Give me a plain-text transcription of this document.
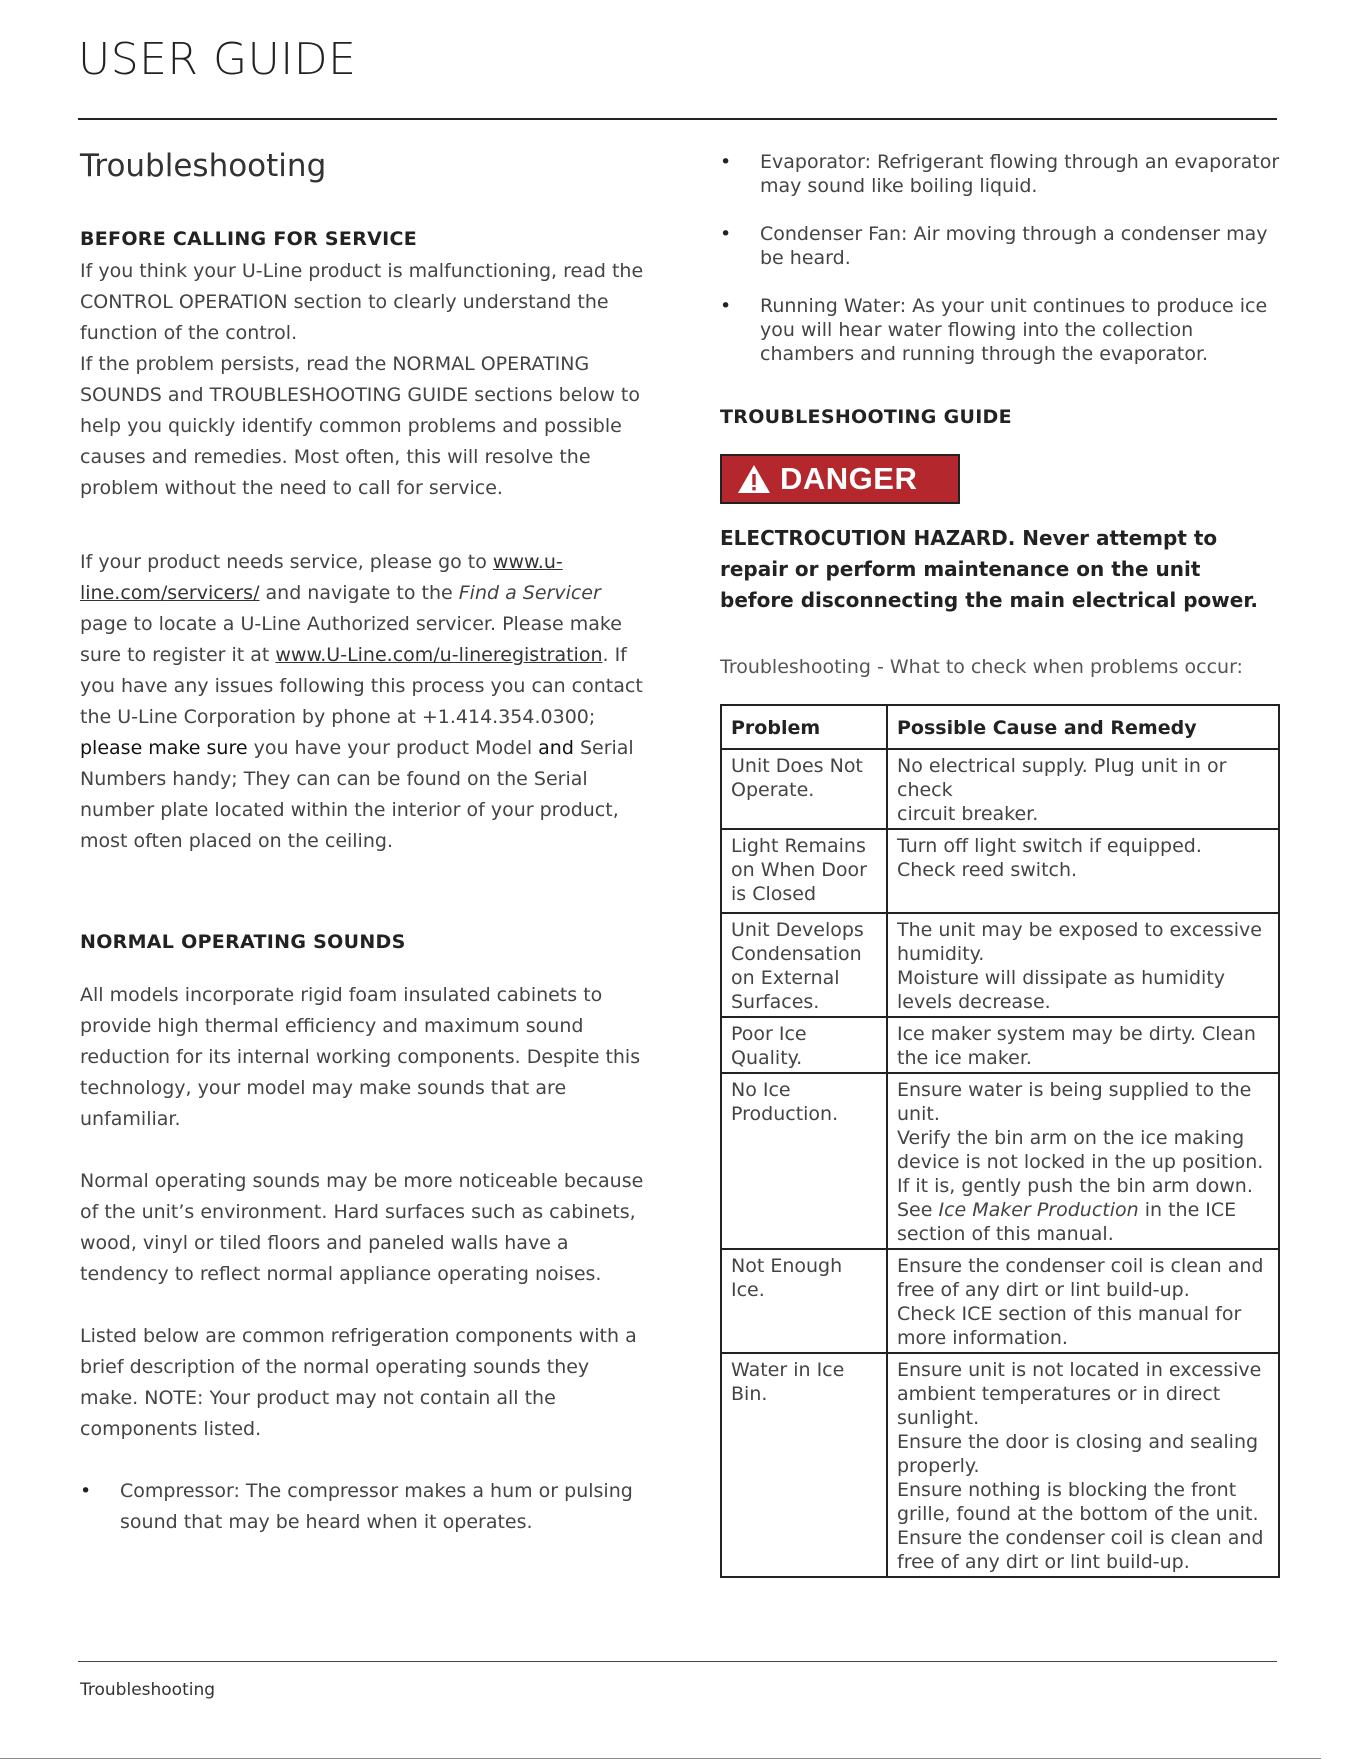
USER GUIDE
Troubleshooting
BEFORE CALLING FOR SERVICE

If you think your U-Line product is malfunctioning, read the CONTROL OPERATION section to clearly understand the function of the control.

If the problem persists, read the NORMAL OPERATING SOUNDS and TROUBLESHOOTING GUIDE sections below to help you quickly identify common problems and possible causes and remedies. Most often, this will resolve the problem without the need to call for service.

If your product needs service, please go to www.u-line.com/servicers/ and navigate to the Find a Servicer page to locate a U-Line Authorized servicer. Please make sure to register it at www.U-Line.com/u-lineregistration. If you have any issues following this process you can contact the U-Line Corporation by phone at +1.414.354.0300; please make sure you have your product Model and Serial Numbers handy; They can can be found on the Serial number plate located within the interior of your product, most often placed on the ceiling.

NORMAL OPERATING SOUNDS

All models incorporate rigid foam insulated cabinets to provide high thermal efficiency and maximum sound reduction for its internal working components. Despite this technology, your model may make sounds that are unfamiliar.

Normal operating sounds may be more noticeable because of the unit’s environment. Hard surfaces such as cabinets, wood, vinyl or tiled floors and paneled walls have a tendency to reflect normal appliance operating noises.

Listed below are common refrigeration components with a brief description of the normal operating sounds they make. NOTE: Your product may not contain all the components listed.

• Compressor: The compressor makes a hum or pulsing sound that may be heard when it operates.
• Evaporator: Refrigerant flowing through an evaporator may sound like boiling liquid.
• Condenser Fan: Air moving through a condenser may be heard.
• Running Water: As your unit continues to produce ice you will hear water flowing into the collection chambers and running through the evaporator.
TROUBLESHOOTING GUIDE
DANGER

ELECTROCUTION HAZARD. Never attempt to repair or perform maintenance on the unit before disconnecting the main electrical power.

Troubleshooting - What to check when problems occur:

Problem	Possible Cause and Remedy
Unit Does Not Operate.	No electrical supply. Plug unit in or check
circuit breaker.

Light Remains on When Door is Closed	Turn off light switch if equipped.
Check reed switch.

Unit Develops Condensation on External Surfaces.	The unit may be exposed to excessive humidity.
Moisture will dissipate as humidity levels decrease.

Poor Ice Quality.	Ice maker system may be dirty. Clean the ice maker.

No Ice Production.	Ensure water is being supplied to the unit.
Verify the bin arm on the ice making device is not locked in the up position. If it is, gently push the bin arm down.
See Ice Maker Production in the ICE section of this manual.

Not Enough Ice.	Ensure the condenser coil is clean and free of any dirt or lint build-up.
Check ICE section of this manual for more information.

Water in Ice Bin.	Ensure unit is not located in excessive ambient temperatures or in direct sunlight.
Ensure the door is closing and sealing properly.
Ensure nothing is blocking the front grille, found at the bottom of the unit.
Ensure the condenser coil is clean and free of any dirt or lint build-up.
Troubleshooting
